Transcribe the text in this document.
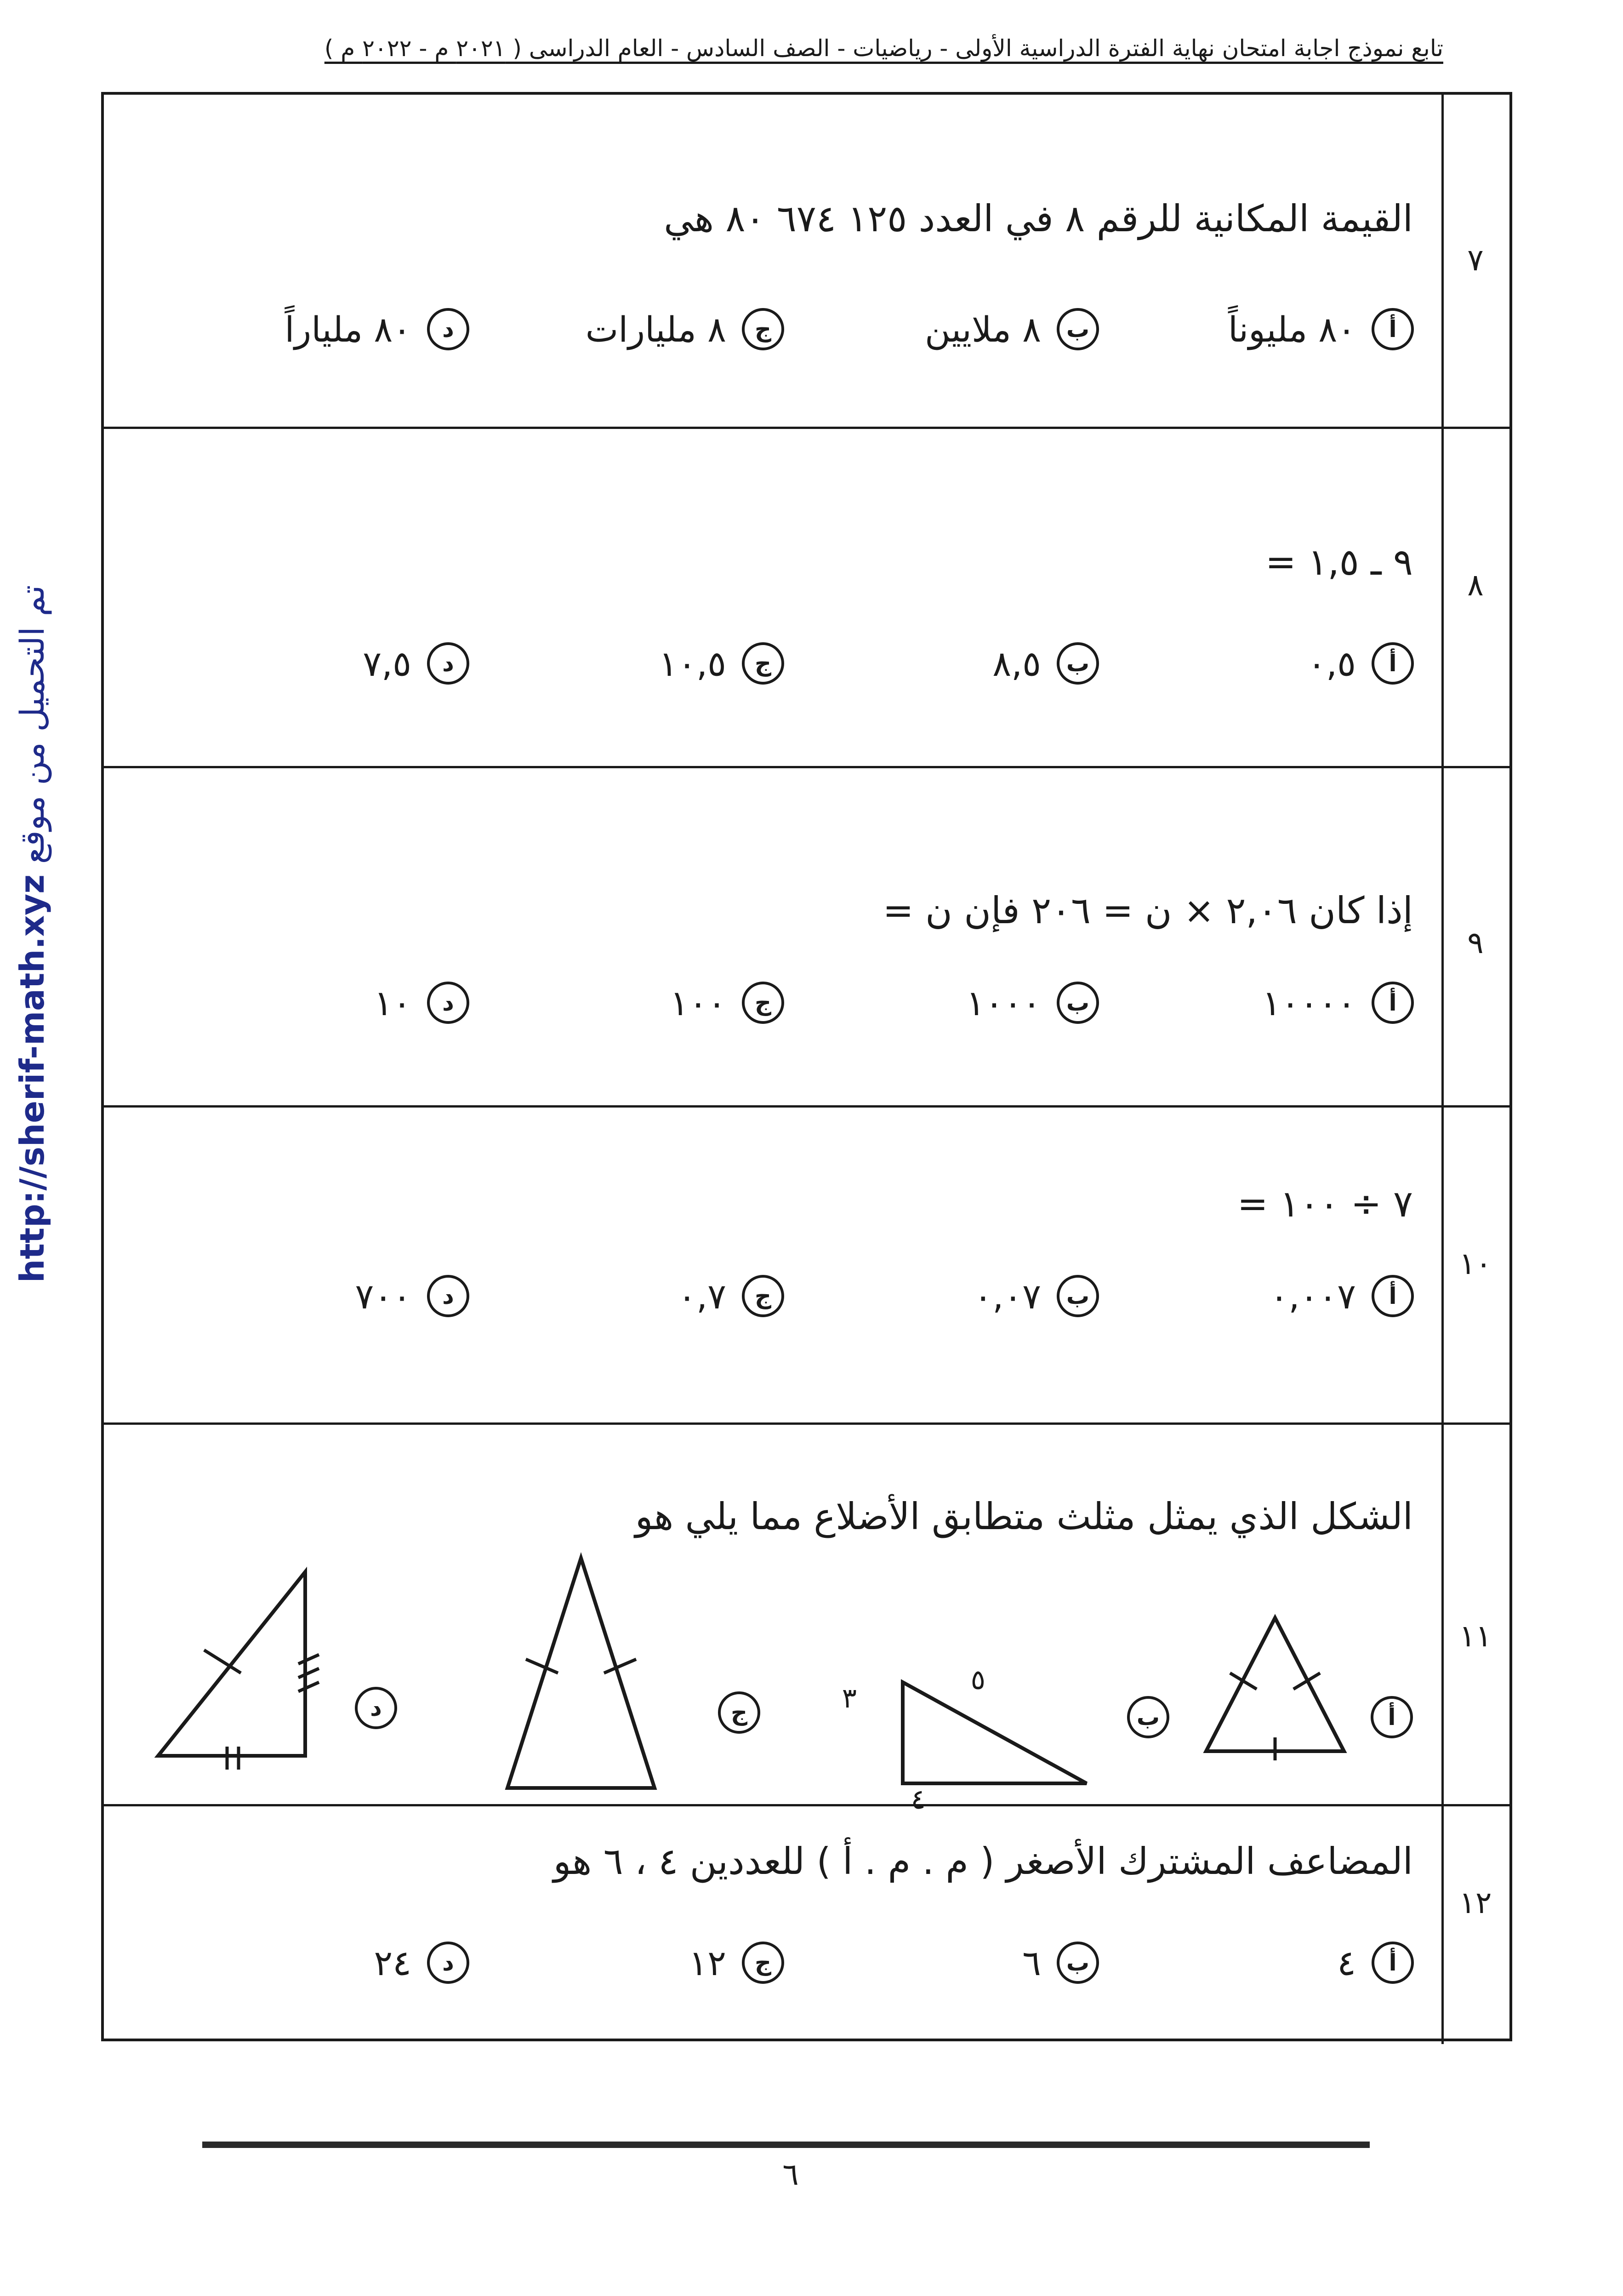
تابع نموذج اجابة امتحان نهاية الفترة الدراسية الأولى - رياضيات - الصف السادس - العام الدراسى ( ٢٠٢١ م - ٢٠٢٢ م )
http://sherif-math.xyz تم التحميل من موقع
٧
القيمة المكانية للرقم ٨ في العدد ١٢٥ ٦٧٤ ٨٠ هي
أ
٨٠ مليوناً
ب
٨ ملايين
ج
٨ مليارات
د
٨٠ ملياراً
٨
٩ ـ ١,٥ =
أ
٠,٥
ب
٨,٥
ج
١٠,٥
د
٧,٥
٩
إذا كان ٢,٠٦ × ن = ٢٠٦ فإن ن =
أ
١٠٠٠٠
ب
١٠٠٠
ج
١٠٠
د
١٠
١٠
٧ ÷ ١٠٠ =
أ
٠,٠٠٧
ب
٠,٠٧
ج
٠,٧
د
٧٠٠
١١
الشكل الذي يمثل مثلث متطابق الأضلاع مما يلي هو
أ
ب
٣
٥
٤
ج
د
١٢
المضاعف المشترك الأصغر ( م . م . أ ) للعددين ٤ ، ٦ هو
أ
٤
ب
٦
ج
١٢
د
٢٤
٦
